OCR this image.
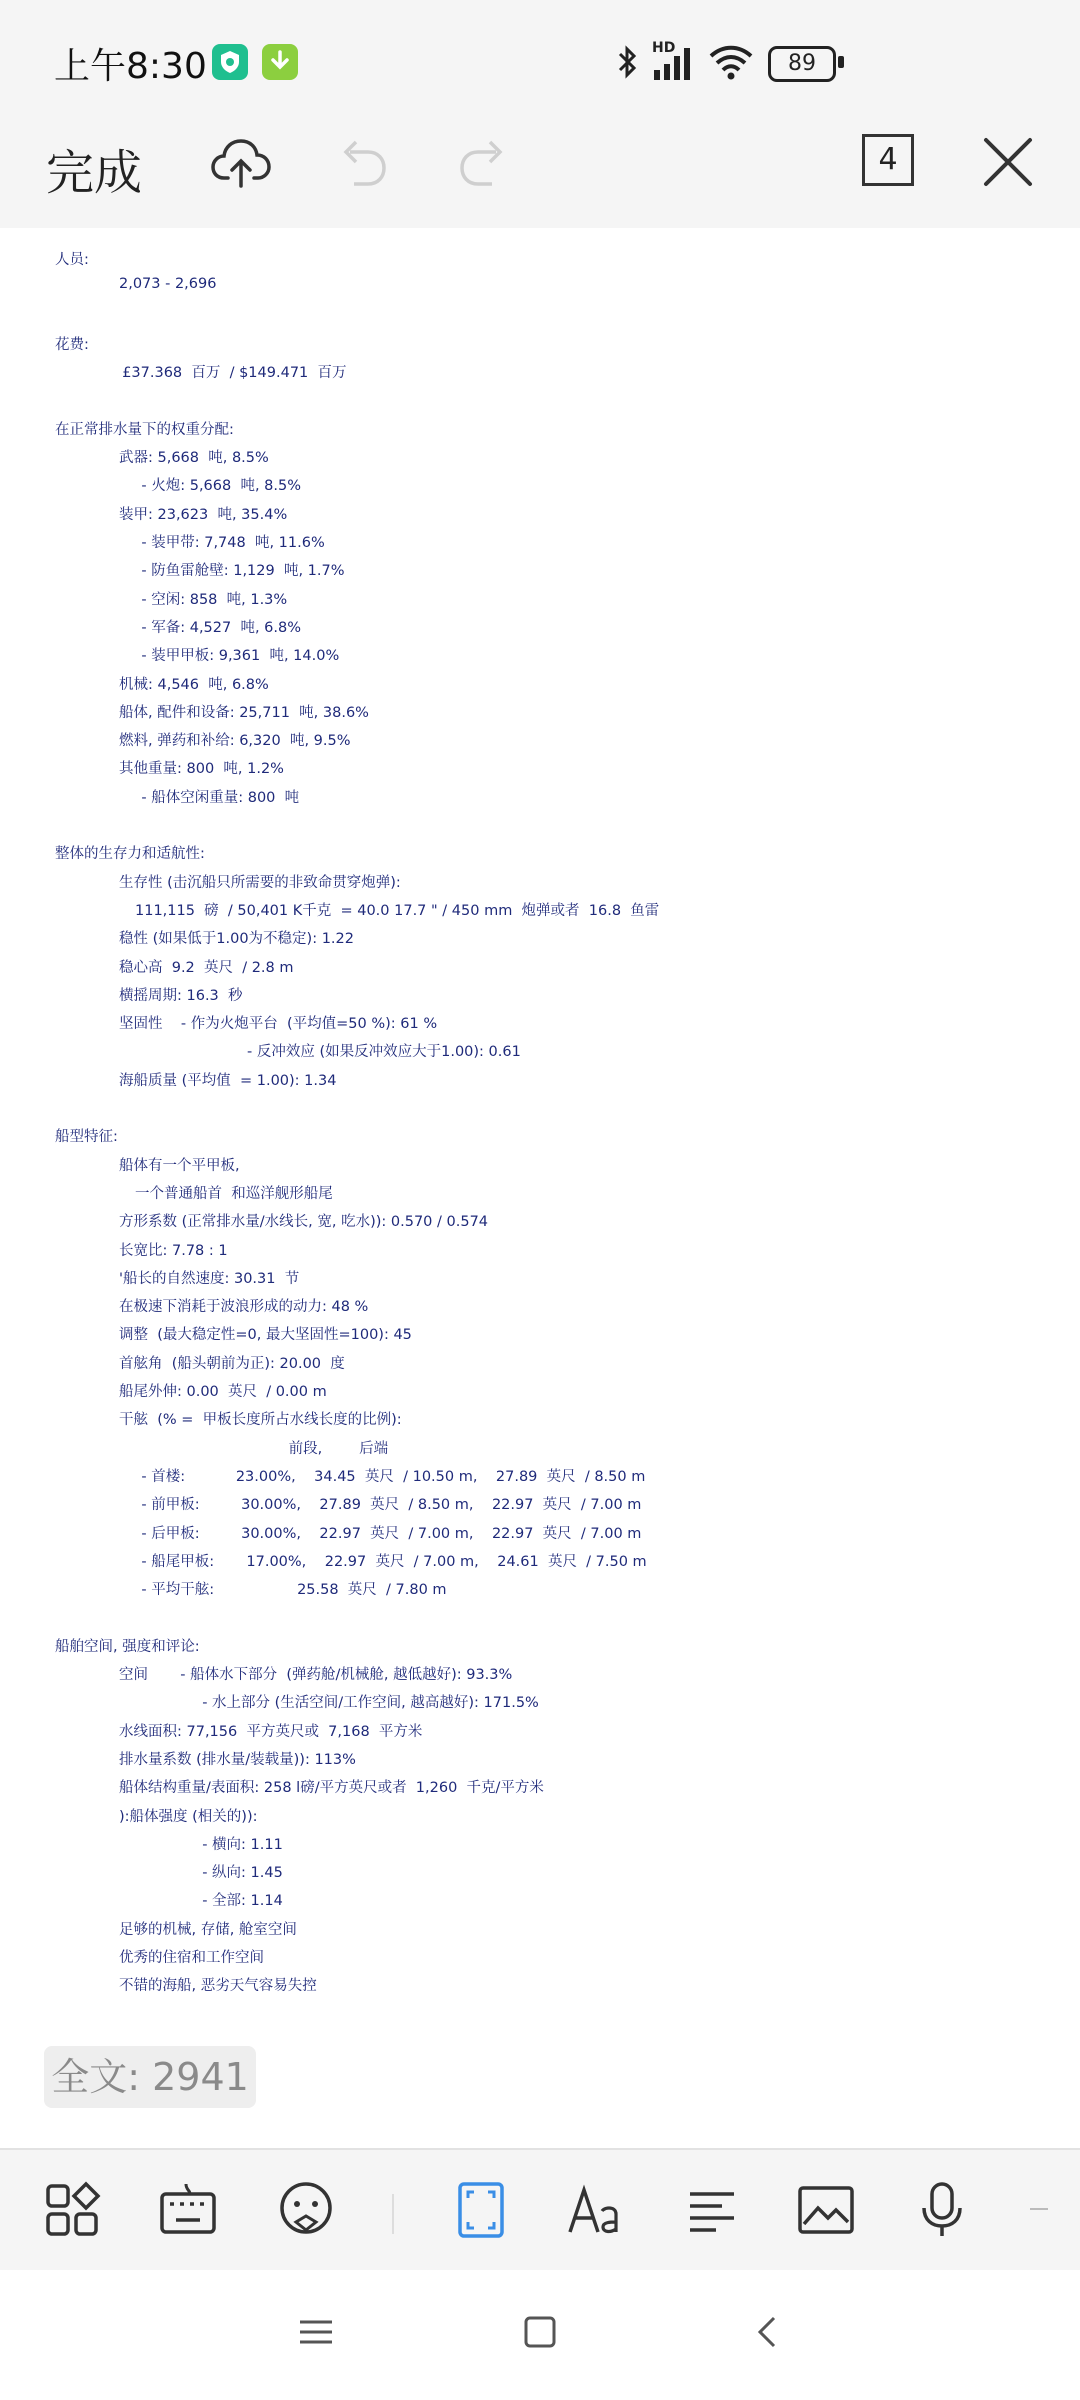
上午8:30	HD
89
完成	4
人员:
2,073 - 2,696
花费:
£37.368  百万  / $149.471  百万
在正常排水量下的权重分配:
武器: 5,668  吨, 8.5%
- 火炮: 5,668  吨, 8.5%
装甲: 23,623  吨, 35.4%
- 装甲带: 7,748  吨, 11.6%
- 防鱼雷舱壁: 1,129  吨, 1.7%
- 空闲: 858  吨, 1.3%
- 军备: 4,527  吨, 6.8%
- 装甲甲板: 9,361  吨, 14.0%
机械: 4,546  吨, 6.8%
船体, 配件和设备: 25,711  吨, 38.6%
燃料, 弹药和补给: 6,320  吨, 9.5%
其他重量: 800  吨, 1.2%
- 船体空闲重量: 800  吨
整体的生存力和适航性:
生存性 (击沉船只所需要的非致命贯穿炮弹):
111,115  磅  / 50,401 K千克  = 40.0 17.7 " / 450 mm  炮弹或者  16.8  鱼雷
稳性 (如果低于1.00为不稳定): 1.22
稳心高  9.2  英尺  / 2.8 m
横摇周期: 16.3  秒
坚固性    - 作为火炮平台  (平均值=50 %): 61 %
- 反冲效应 (如果反冲效应大于1.00): 0.61
海船质量 (平均值  = 1.00): 1.34
船型特征:
船体有一个平甲板,
一个普通船首  和巡洋舰形船尾
方形系数 (正常排水量/水线长, 宽, 吃水)): 0.570 / 0.574
长宽比: 7.78 : 1
'船长的自然速度: 30.31  节
在极速下消耗于波浪形成的动力: 48 %
调整  (最大稳定性=0, 最大坚固性=100): 45
首舷角  (船头朝前为正): 20.00  度
船尾外伸: 0.00  英尺  / 0.00 m
干舷  (% =  甲板长度所占水线长度的比例):
前段,        后端
- 首楼:           23.00%,    34.45  英尺  / 10.50 m,    27.89  英尺  / 8.50 m
- 前甲板:         30.00%,    27.89  英尺  / 8.50 m,    22.97  英尺  / 7.00 m
- 后甲板:         30.00%,    22.97  英尺  / 7.00 m,    22.97  英尺  / 7.00 m
- 船尾甲板:       17.00%,    22.97  英尺  / 7.00 m,    24.61  英尺  / 7.50 m
- 平均干舷:                  25.58  英尺  / 7.80 m
船舶空间, 强度和评论:
空间       - 船体水下部分  (弹药舱/机械舱, 越低越好): 93.3%
- 水上部分 (生活空间/工作空间, 越高越好): 171.5%
水线面积: 77,156  平方英尺或  7,168  平方米
排水量系数 (排水量/装载量)): 113%
船体结构重量/表面积: 258 l磅/平方英尺或者  1,260  千克/平方米
):船体强度 (相关的)):
- 横向: 1.11
- 纵向: 1.45
- 全部: 1.14
足够的机械, 存储, 舱室空间
优秀的住宿和工作空间
不错的海船, 恶劣天气容易失控
全文: 2941
